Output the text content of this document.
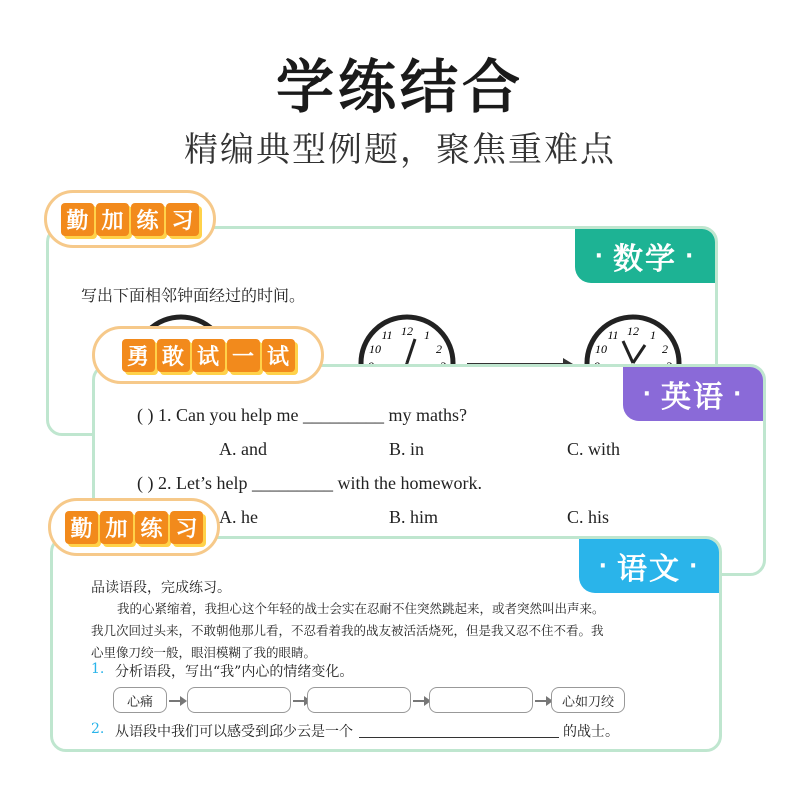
学练结合
精编典型例题，聚焦重难点
· 数学 ·
写出下面相邻钟面经过的时间。
12 1
2
10
11	12 1
2
10
11
· 英语 ·
( ) 1. Can you help me _________ my maths?
A. and	B. in	C. with
( ) 2. Let’s help _________ with the homework.
A. he	B. him	C. his
· 语文 ·
品读语段，完成练习。
我的心紧缩着，我担心这个年轻的战士会实在忍耐不住突然跳起来，或者突然叫出声来。
我几次回过头来，不敢朝他那儿看，不忍看着我的战友被活活烧死，但是我又忍不住不看。我
心里像刀绞一般，眼泪模糊了我的眼睛。
1. 分析语段，写出“我”内心的情绪变化。
心痛	心如刀绞
2. 从语段中我们可以感受到邱少云是一个	的战士。
勤 加 练 习
勇 敢 试 一 试
勤 加 练 习
